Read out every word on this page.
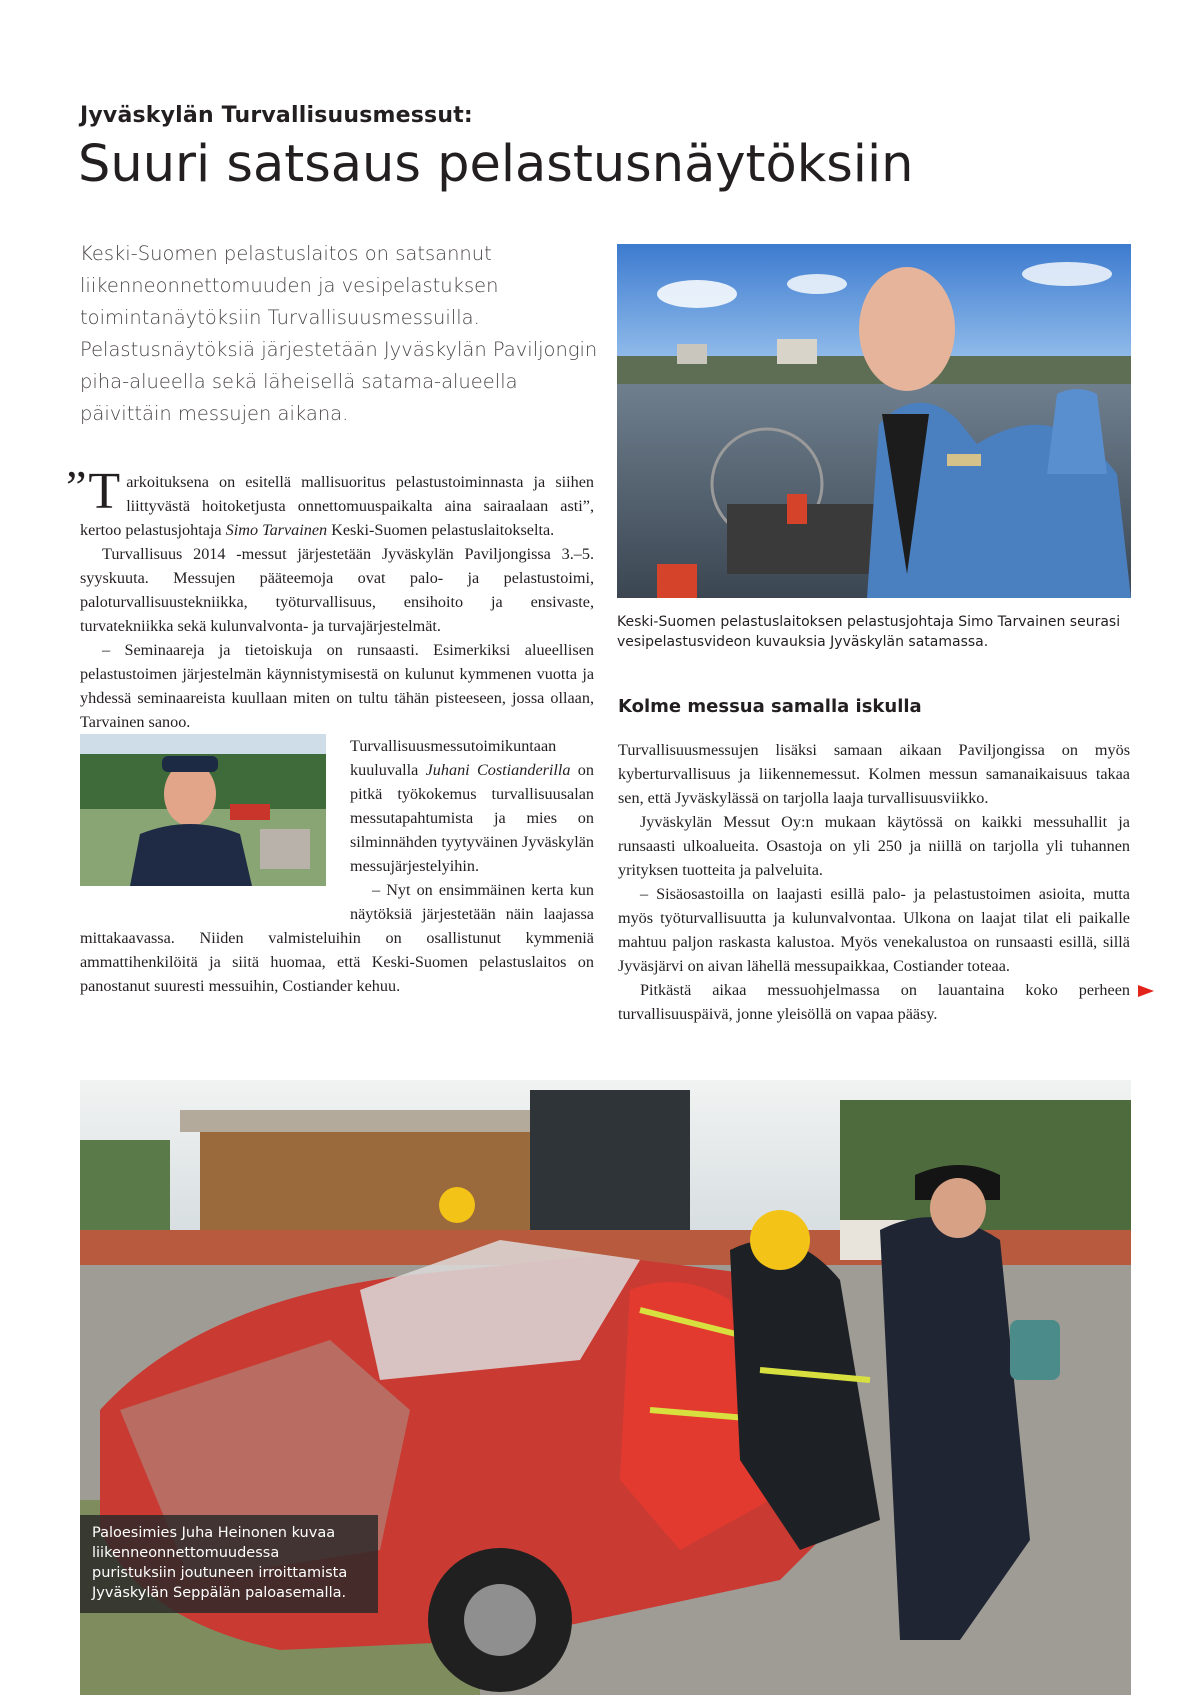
Jyväskylän Turvallisuusmessut:
Suuri satsaus pelastusnäytöksiin

Keski-Suomen pelastuslaitos on satsannut liikenneonnettomuuden ja vesipelastuksen toimintanäytöksiin Turvallisuusmessuilla. Pelastusnäytöksiä järjestetään Jyväskylän Paviljongin piha-alueella sekä läheisellä satama-alueella päivittäin messujen aikana.

Keski-Suomen pelastuslaitoksen pelastusjohtaja Simo Tarvainen seurasi vesipelastusvideon kuvauksia Jyväskylän satamassa.

” T arkoituksena on esitellä mallisuoritus pelastustoiminnasta ja siihen liittyvästä hoitoketjusta onnettomuuspaikalta aina sairaalaan asti”, kertoo pelastusjohtaja Simo Tarvainen Keski-Suomen pelastuslaitokselta.

Turvallisuus 2014 -messut järjestetään Jyväskylän Paviljongissa 3.–5. syyskuuta. Messujen pääteemoja ovat palo- ja pelastustoimi, paloturvallisuustekniikka, työturvallisuus, ensihoito ja ensivaste, turvatekniikka sekä kulunvalvonta- ja turvajärjestelmät.

– Seminaareja ja tietoiskuja on runsaasti. Esimerkiksi alueellisen pelastustoimen järjestelmän käynnistymisestä on kulunut kymmenen vuotta ja yhdessä seminaareista kuullaan miten on tultu tähän pisteeseen, jossa ollaan, Tarvainen sanoo.

Turvallisuusmessutoimikuntaan kuuluvalla Juhani Costianderilla on pitkä työkokemus turvallisuusalan messutapahtumista ja mies on silminnähden tyytyväinen Jyväskylän messujärjestelyihin.
– Nyt on ensimmäinen kerta kun näytöksiä järjestetään näin laajassa mittakaavassa. Niiden valmisteluihin on osallistunut kymmeniä ammattihenkilöitä ja siitä huomaa, että Keski-Suomen pelastuslaitos on panostanut suuresti messuihin, Costiander kehuu.

Kolme messua samalla iskulla

Turvallisuusmessujen lisäksi samaan aikaan Paviljongissa on myös kyberturvallisuus ja liikennemessut. Kolmen messun samanaikaisuus takaa sen, että Jyväskylässä on tarjolla laaja turvallisuusviikko.

Jyväskylän Messut Oy:n mukaan käytössä on kaikki messuhallit ja runsaasti ulkoalueita. Osastoja on yli 250 ja niillä on tarjolla yli tuhannen yrityksen tuotteita ja palveluita.

– Sisäosastoilla on laajasti esillä palo- ja pelastustoimen asioita, mutta myös työturvallisuutta ja kulunvalvontaa. Ulkona on laajat tilat eli paikalle mahtuu paljon raskasta kalustoa. Myös venekalustoa on runsaasti esillä, sillä Jyväsjärvi on aivan lähellä messupaikkaa, Costiander toteaa.

Pitkästä aikaa messuohjelmassa on lauantaina koko perheen turvallisuuspäivä, jonne yleisöllä on vapaa pääsy.

Paloesimies Juha Heinonen kuvaa liikenneonnettomuudessa puristuksiin joutuneen irroittamista Jyväskylän Seppälän paloasemalla.
